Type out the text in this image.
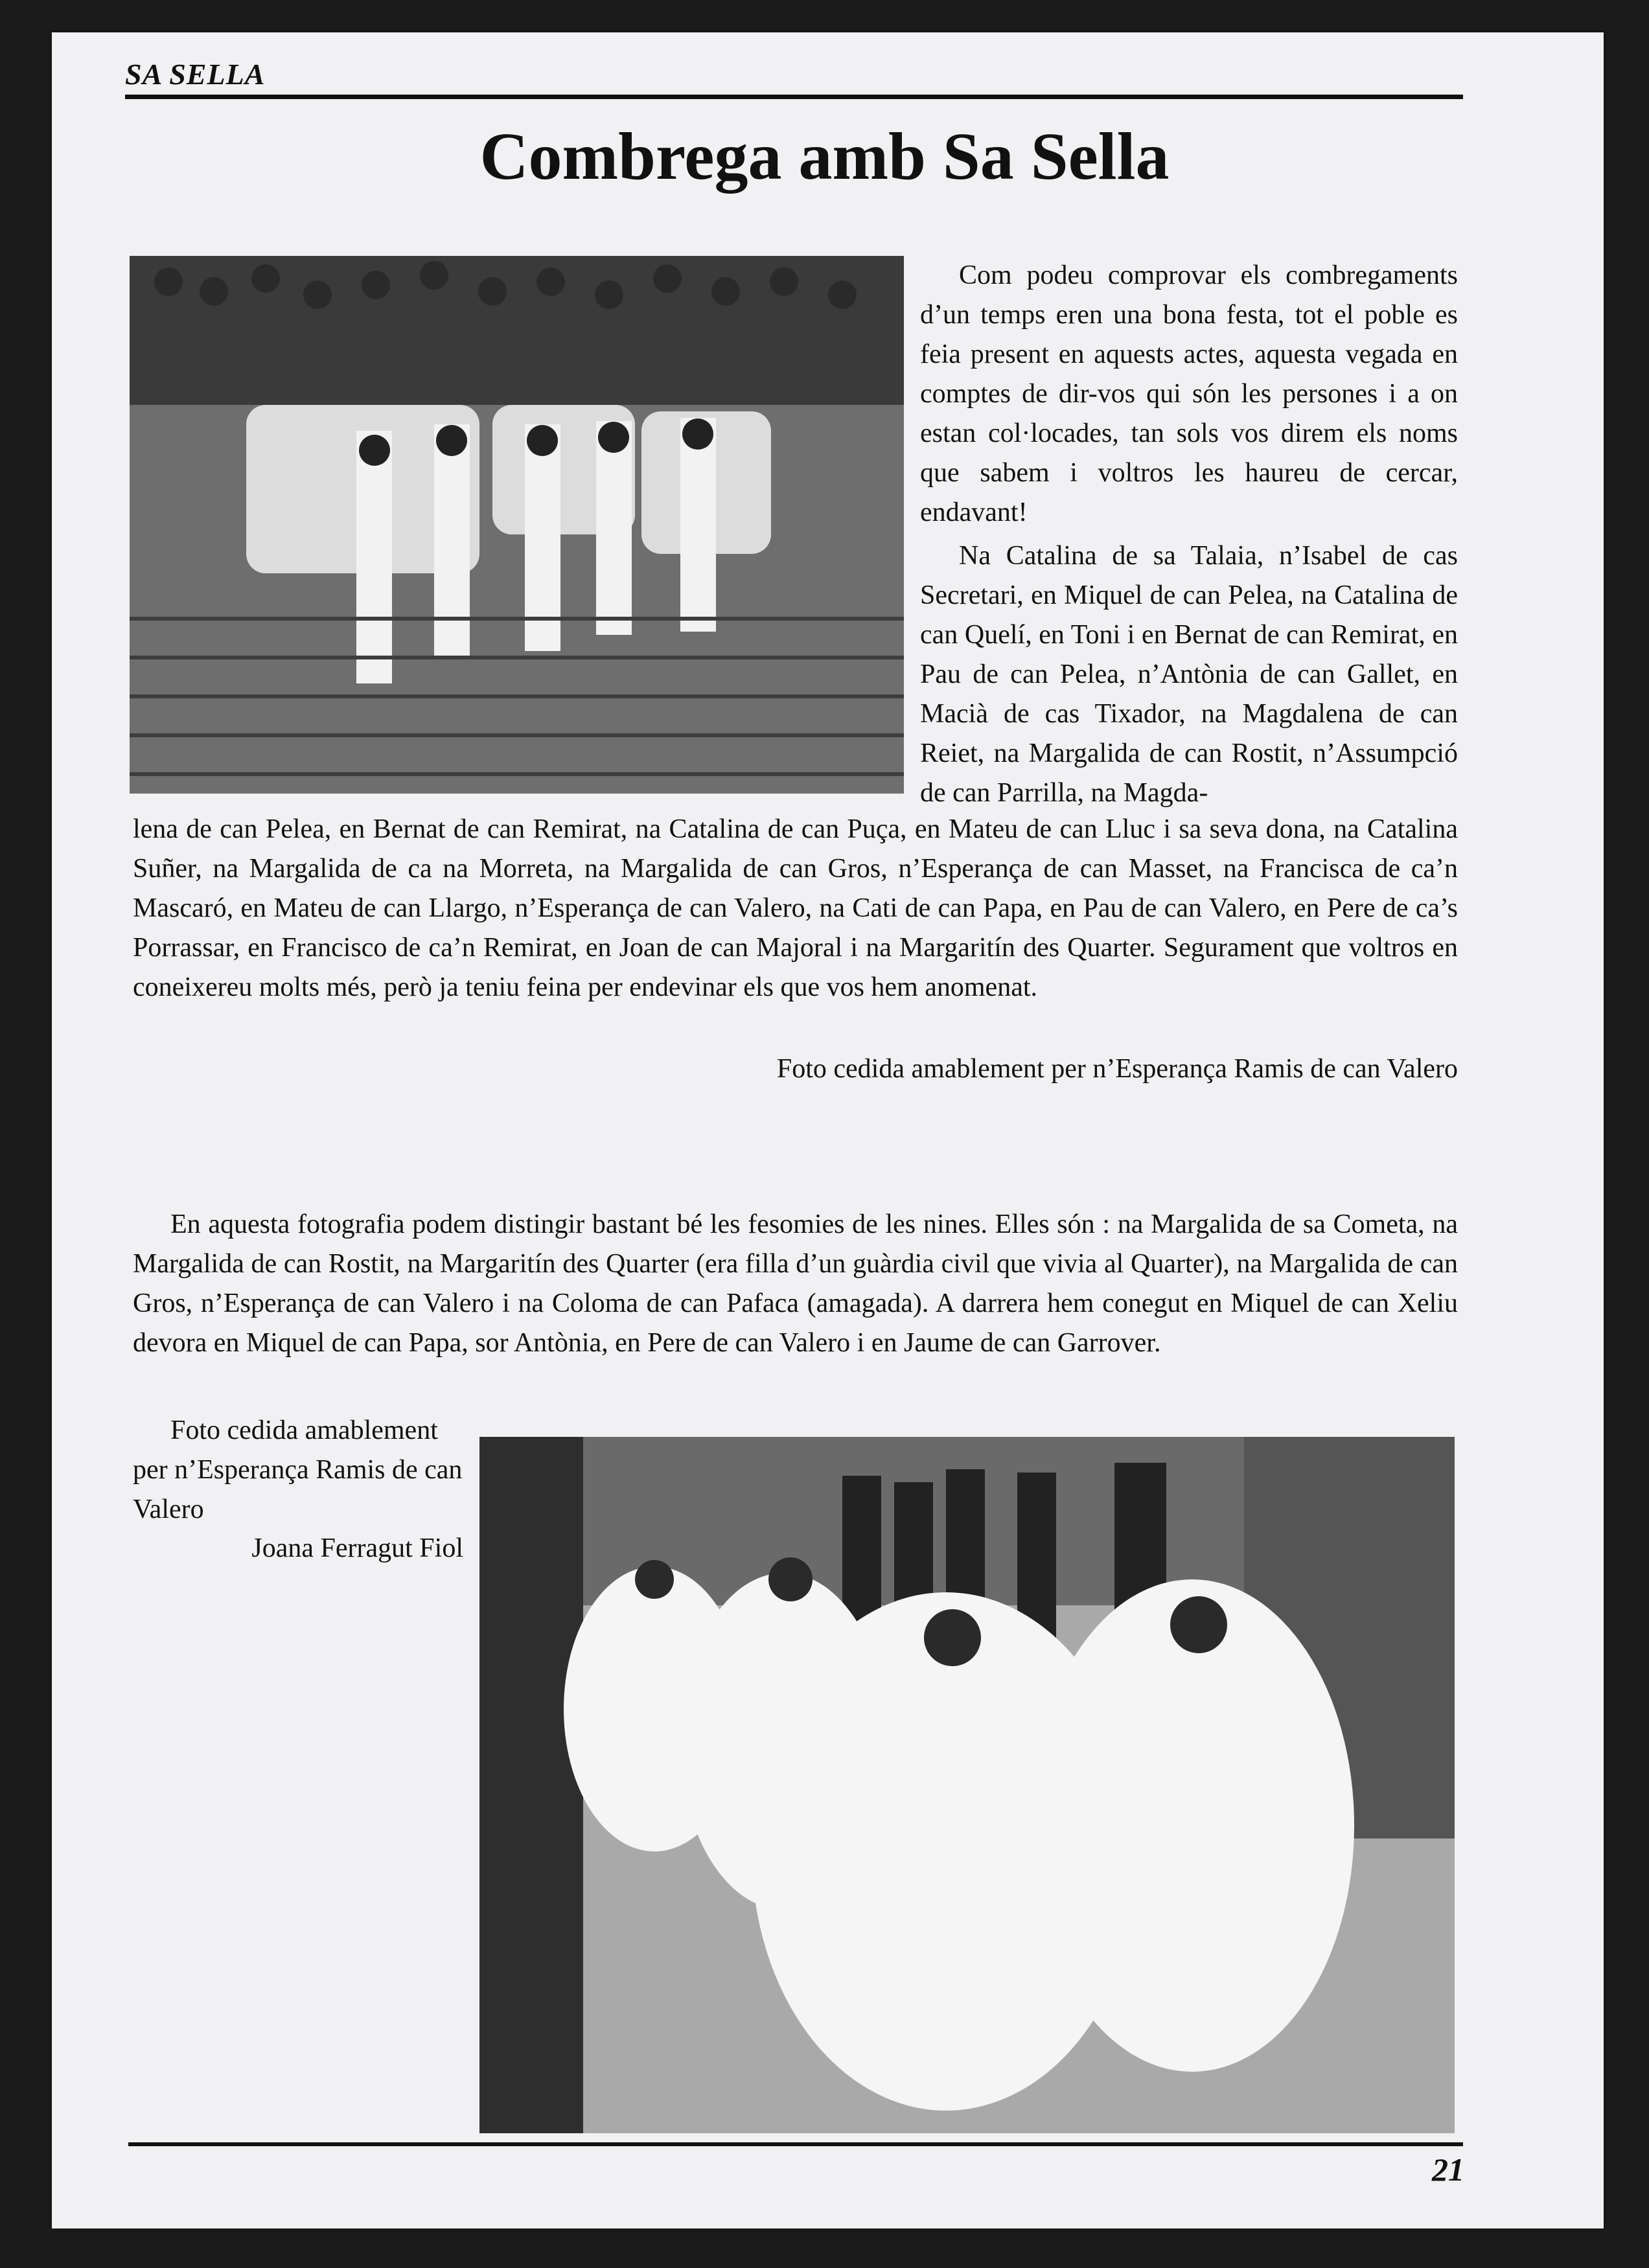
SA SELLA
Combrega amb Sa Sella
Com podeu comprovar els combregaments d’un temps eren una bona festa, tot el poble es feia present en aquests actes, aquesta vegada en comptes de dir-vos qui són les persones i a on estan col·locades, tan sols vos direm els noms que sabem i voltros les haureu de cercar, endavant!
Na Catalina de sa Talaia, n’Isabel de cas Secretari, en Miquel de can Pelea, na Catalina de can Quelí, en Toni i en Bernat de can Remirat, en Pau de can Pelea, n’Antònia de can Gallet, en Macià de cas Tixador, na Magdalena de can Reiet, na Margalida de can Rostit, n’Assumpció de can Parrilla, na Magda-
lena de can Pelea, en Bernat de can Remirat, na Catalina de can Puça, en Mateu de can Lluc i sa seva dona, na Catalina Suñer, na Margalida de ca na Morreta, na Margalida de can Gros, n’Esperança de can Masset, na Francisca de ca’n Mascaró, en Mateu de can Llargo, n’Esperança de can Valero, na Cati de can Papa, en Pau de can Valero, en Pere de ca’s Porrassar, en Francisco de ca’n Remirat, en Joan de can Majoral i na Margaritín des Quarter. Segurament que voltros en coneixereu molts més, però ja teniu feina per endevinar els que vos hem anomenat.
Foto cedida amablement per n’Esperança Ramis de can Valero
En aquesta fotografia podem distingir bastant bé les fesomies de les nines. Elles són : na Margalida de sa Cometa, na Margalida de can Rostit, na Margaritín des Quarter (era filla d’un guàrdia civil que vivia al Quarter), na Margalida de can Gros, n’Esperança de can Valero i na Coloma de can Pafaca (amagada). A darrera hem conegut en Miquel de can Xeliu devora en Miquel de can Papa, sor Antònia, en Pere de can Valero i en Jaume de can Garrover.
Foto cedida amablement per n’Esperança Ramis de can Valero
Joana Ferragut Fiol
21
